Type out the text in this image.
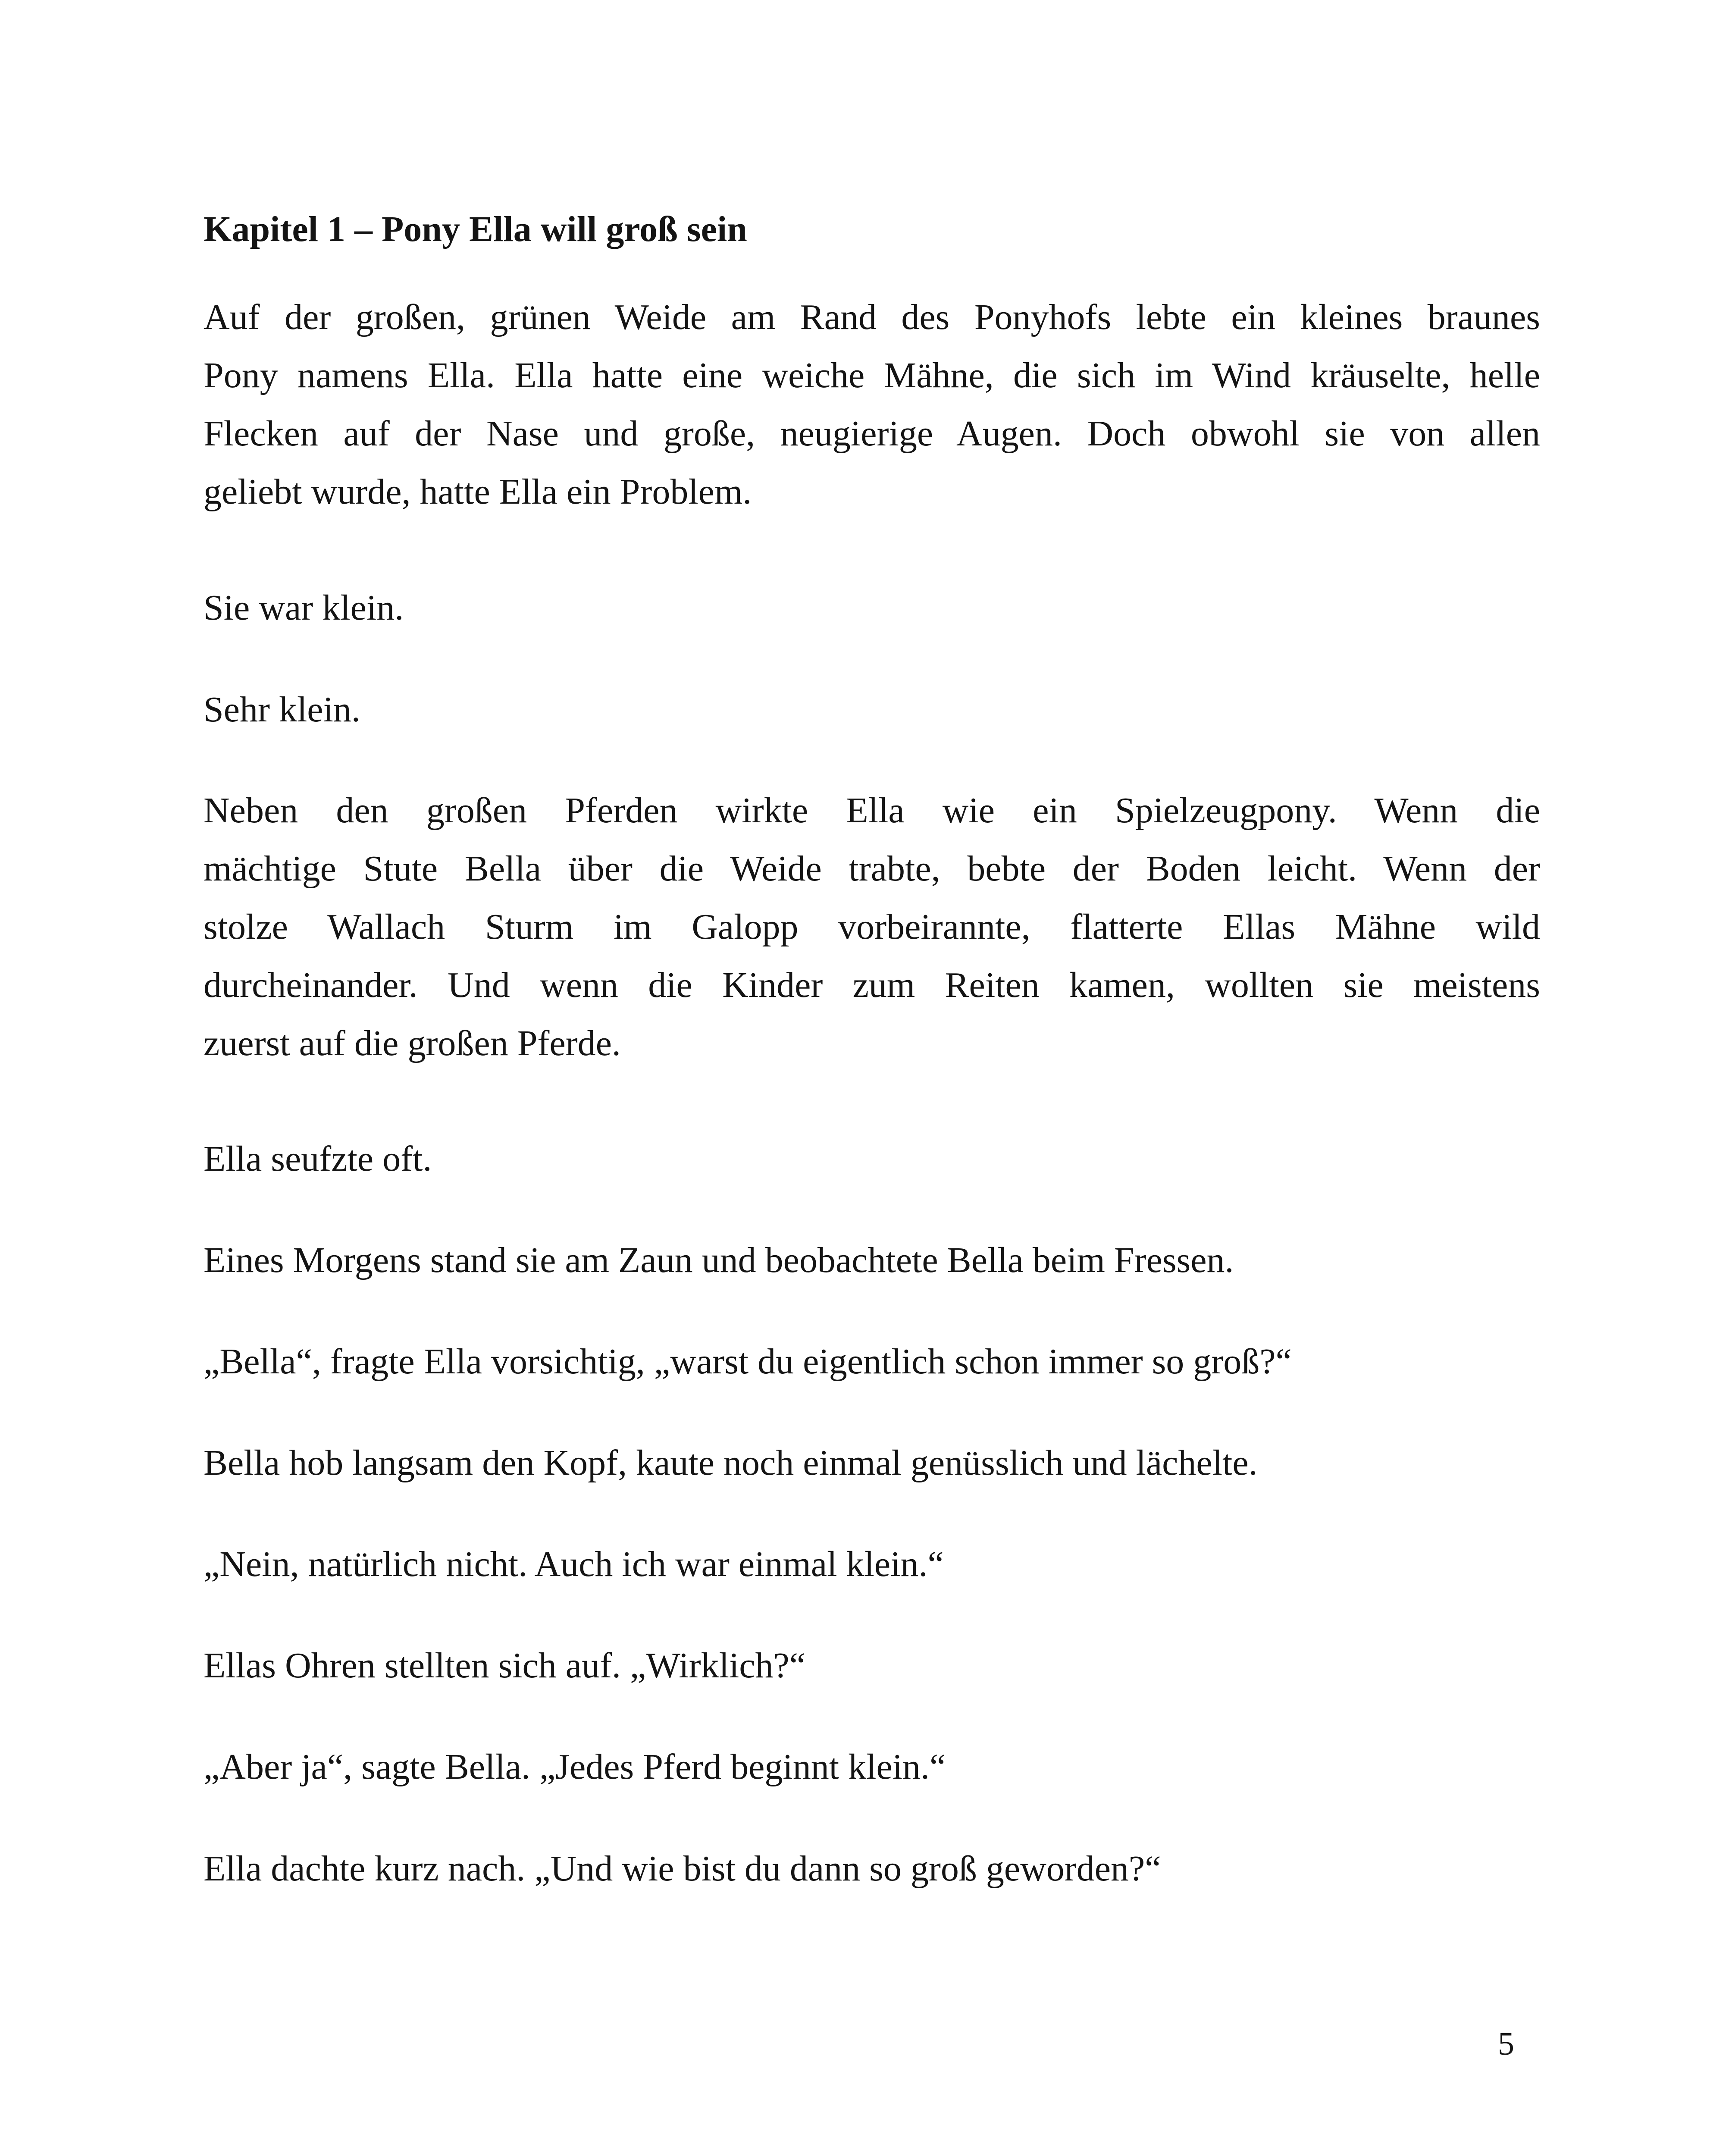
Kapitel 1 – Pony Ella will groß sein

Auf der großen, grünen Weide am Rand des Ponyhofs lebte ein kleines braunes
Pony namens Ella. Ella hatte eine weiche Mähne, die sich im Wind kräuselte, helle
Flecken auf der Nase und große, neugierige Augen. Doch obwohl sie von allen
geliebt wurde, hatte Ella ein Problem.

Sie war klein.

Sehr klein.

Neben den großen Pferden wirkte Ella wie ein Spielzeugpony. Wenn die
mächtige Stute Bella über die Weide trabte, bebte der Boden leicht. Wenn der
stolze Wallach Sturm im Galopp vorbeirannte, flatterte Ellas Mähne wild
durcheinander. Und wenn die Kinder zum Reiten kamen, wollten sie meistens
zuerst auf die großen Pferde.

Ella seufzte oft.

Eines Morgens stand sie am Zaun und beobachtete Bella beim Fressen.

„Bella“, fragte Ella vorsichtig, „warst du eigentlich schon immer so groß?“

Bella hob langsam den Kopf, kaute noch einmal genüsslich und lächelte.

„Nein, natürlich nicht. Auch ich war einmal klein.“

Ellas Ohren stellten sich auf. „Wirklich?“

„Aber ja“, sagte Bella. „Jedes Pferd beginnt klein.“

Ella dachte kurz nach. „Und wie bist du dann so groß geworden?“

5
